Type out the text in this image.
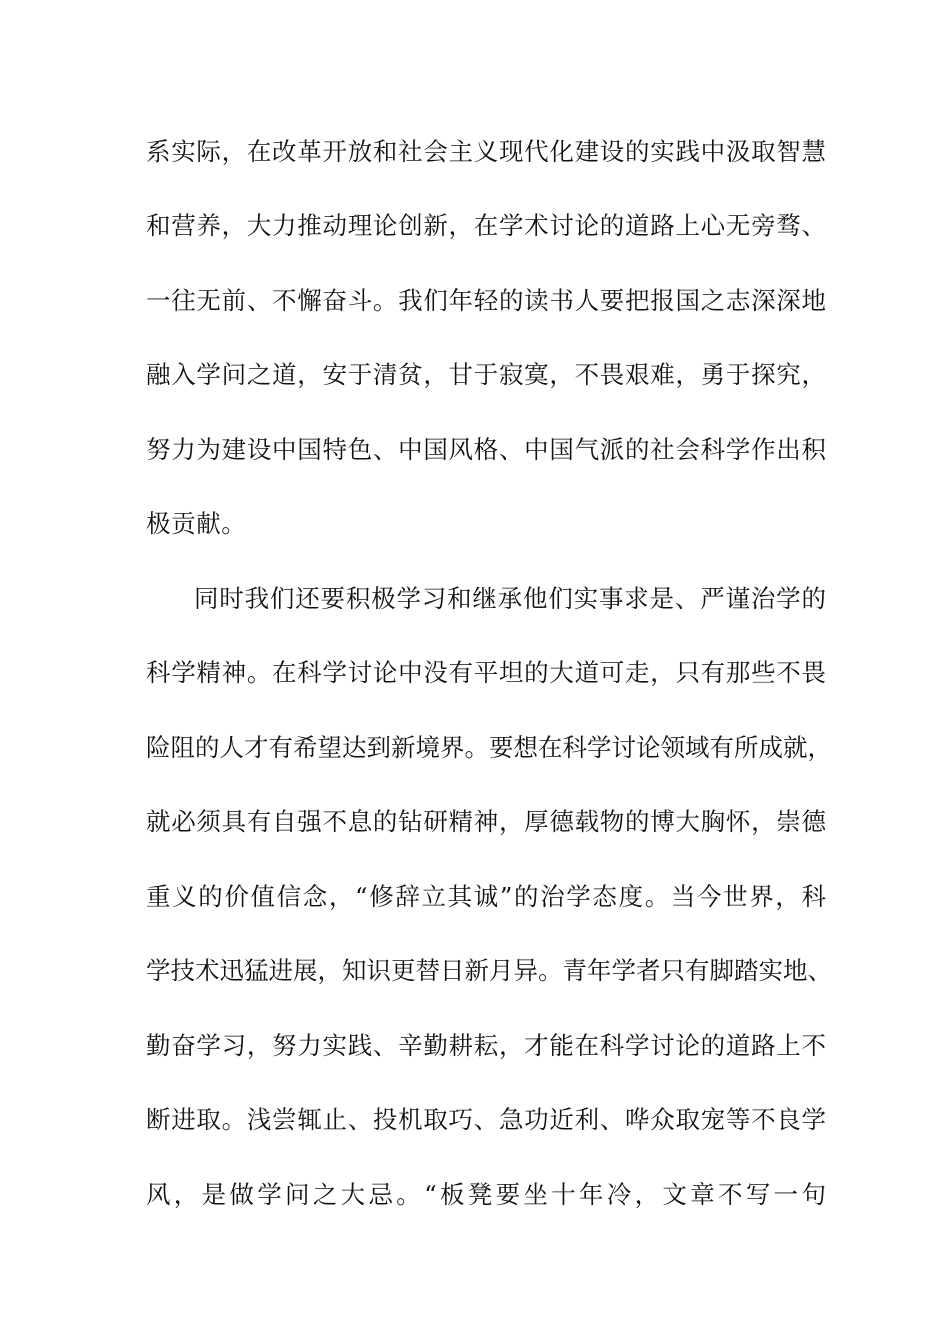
系实际，在改革开放和社会主义现代化建设的实践中汲取智慧
和营养，大力推动理论创新，在学术讨论的道路上心无旁骛、
一往无前、不懈奋斗。我们年轻的读书人要把报国之志深深地
融入学问之道，安于清贫，甘于寂寞，不畏艰难，勇于探究，
努力为建设中国特色、中国风格、中国气派的社会科学作出积
极贡献。
同时我们还要积极学习和继承他们实事求是、严谨治学的
科学精神。在科学讨论中没有平坦的大道可走，只有那些不畏
险阻的人才有希望达到新境界。要想在科学讨论领域有所成就，
就必须具有自强不息的钻研精神，厚德载物的博大胸怀，崇德
重义的价值信念，“修辞立其诚”的治学态度。当今世界，科
学技术迅猛进展，知识更替日新月异。青年学者只有脚踏实地、
勤奋学习，努力实践、辛勤耕耘，才能在科学讨论的道路上不
断进取。浅尝辄止、投机取巧、急功近利、哗众取宠等不良学
风，是做学问之大忌。“板凳要坐十年冷，文章不写一句
